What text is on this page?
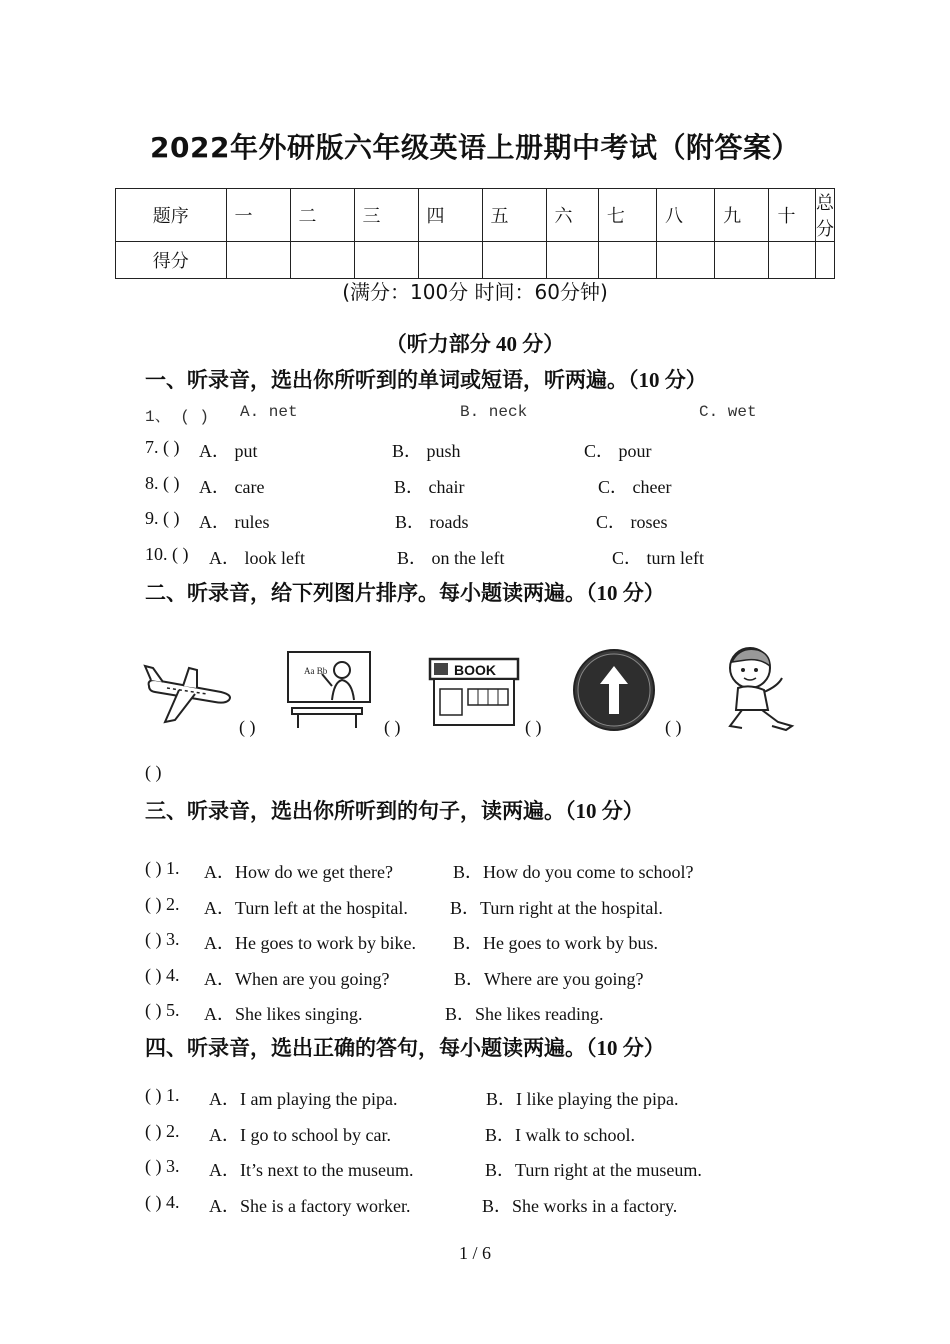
2022年外研版六年级英语上册期中考试（附答案）
题序	一	二	三	四	五	六	七	八	九	十	总分
得分											
(满分：100分 时间：60分钟)
（听力部分 40 分）
一、听录音，选出你所听到的单词或短语，听两遍。（10 分）
1、 ( ) A. net	B. neck	C. wet
7. ( ) A． put	B． push	C． pour
8. ( ) A． care	B． chair	C． cheer
9. ( ) A． rules	B． roads	C． roses
10. ( ) A． look left	B． on the left	C． turn left
二、听录音，给下列图片排序。每小题读两遍。（10 分）
( )
Aa Bb
( )
BOOK
( )	( )
( )
三、听录音，选出你所听到的句子，读两遍。（10 分）
( ) 1. A．How do we get there?	B．How do you come to school?
( ) 2. A．Turn left at the hospital. B．Turn right at the hospital.
( ) 3. A．He goes to work by bike. B．He goes to work by bus.
( ) 4. A．When are you going?	B．Where are you going?
( ) 5. A．She likes singing.	B．She likes reading.
四、听录音，选出正确的答句，每小题读两遍。（10 分）
( ) 1. A．I am playing the pipa.	B．I like playing the pipa.
( ) 2. A．I go to school by car.	B．I walk to school.
( ) 3. A．It’s next to the museum.	B．Turn right at the museum.
( ) 4. A．She is a factory worker.	B．She works in a factory.
1 / 6
